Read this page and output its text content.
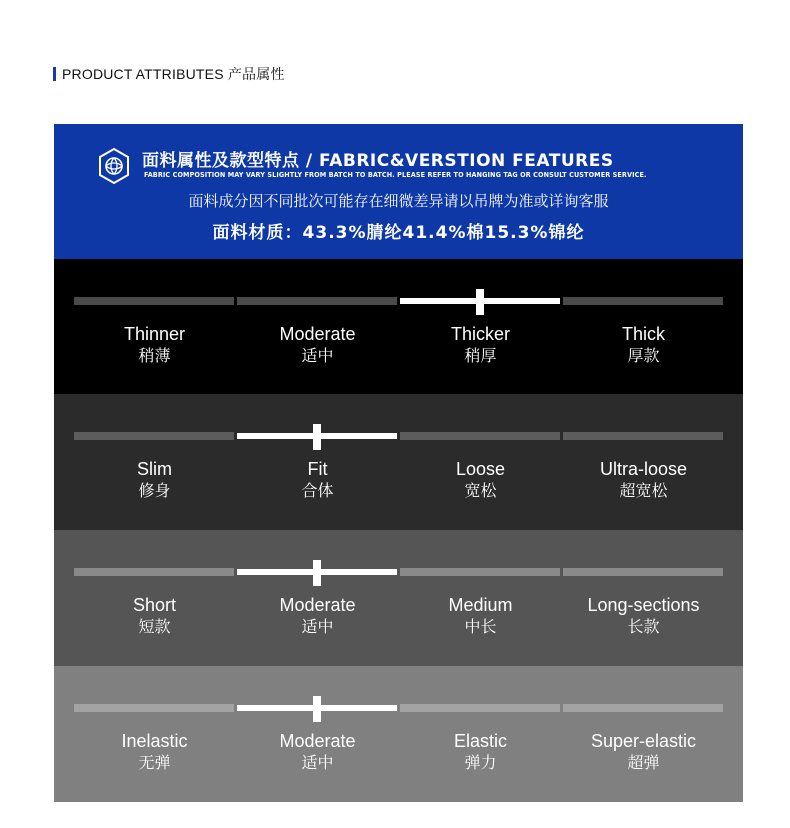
PRODUCT ATTRIBUTES 产品属性
面料属性及款型特点 / FABRIC&VERSTION FEATURES
FABRIC COMPOSITION MAY VARY SLIGHTLY FROM BATCH TO BATCH. PLEASE REFER TO HANGING TAG OR CONSULT CUSTOMER SERVICE.
面料成分因不同批次可能存在细微差异请以吊牌为准或详询客服
面料材质：43.3%腈纶41.4%棉15.3%锦纶
Thinner
稍薄
Moderate
适中
Thicker
稍厚
Thick
厚款
Slim
修身
Fit
合体
Loose
宽松
Ultra-loose
超宽松
Short
短款
Moderate
适中
Medium
中长
Long-sections
长款
Inelastic
无弹
Moderate
适中
Elastic
弹力
Super-elastic
超弹
